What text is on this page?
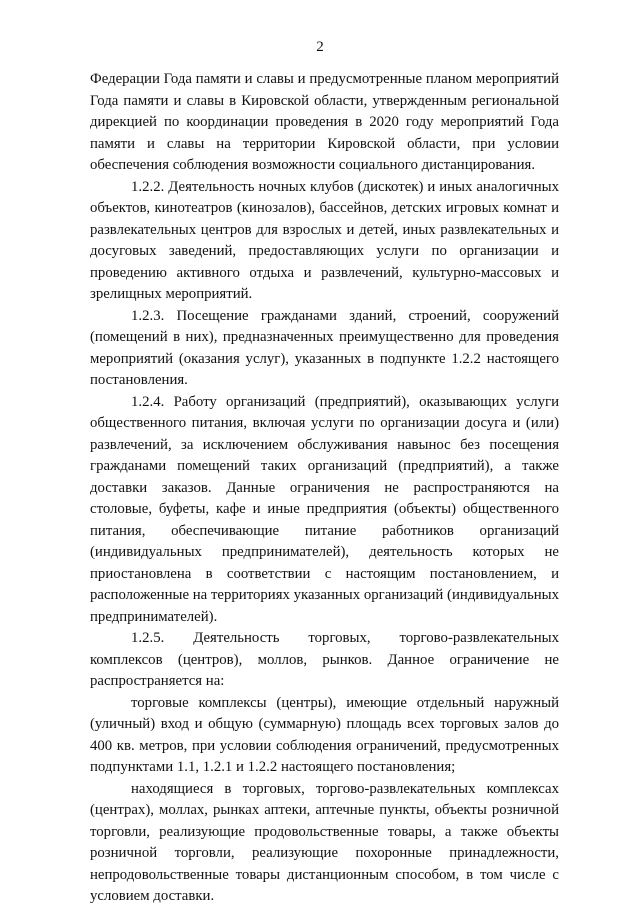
2

Федерации Года памяти и славы и предусмотренные планом мероприятий Года памяти и славы в Кировской области, утвержденным региональной дирекцией по координации проведения в 2020 году мероприятий Года памяти и славы на территории Кировской области, при условии обеспечения соблюдения возможности социального дистанцирования.

1.2.2. Деятельность ночных клубов (дискотек) и иных аналогичных объектов, кинотеатров (кинозалов), бассейнов, детских игровых комнат и развлекательных центров для взрослых и детей, иных развлекательных и досуговых заведений, предоставляющих услуги по организации и проведению активного отдыха и развлечений, культурно-массовых и зрелищных мероприятий.

1.2.3. Посещение гражданами зданий, строений, сооружений (помещений в них), предназначенных преимущественно для проведения мероприятий (оказания услуг), указанных в подпункте 1.2.2 настоящего постановления.

1.2.4. Работу организаций (предприятий), оказывающих услуги общественного питания, включая услуги по организации досуга и (или) развлечений, за исключением обслуживания навынос без посещения гражданами помещений таких организаций (предприятий), а также доставки заказов. Данные ограничения не распространяются на столовые, буфеты, кафе и иные предприятия (объекты) общественного питания, обеспечивающие питание работников организаций (индивидуальных предпринимателей), деятельность которых не приостановлена в соответствии с настоящим постановлением, и расположенные на территориях указанных организаций (индивидуальных предпринимателей).

1.2.5. Деятельность торговых, торгово-развлекательных комплексов (центров), моллов, рынков. Данное ограничение не распространяется на:

торговые комплексы (центры), имеющие отдельный наружный (уличный) вход и общую (суммарную) площадь всех торговых залов до 400 кв. метров, при условии соблюдения ограничений, предусмотренных подпунктами 1.1, 1.2.1 и 1.2.2 настоящего постановления;

находящиеся в торговых, торгово-развлекательных комплексах (центрах), моллах, рынках аптеки, аптечные пункты, объекты розничной торговли, реализующие продовольственные товары, а также объекты розничной торговли, реализующие похоронные принадлежности, непродовольственные товары дистанционным способом, в том числе с условием доставки.
